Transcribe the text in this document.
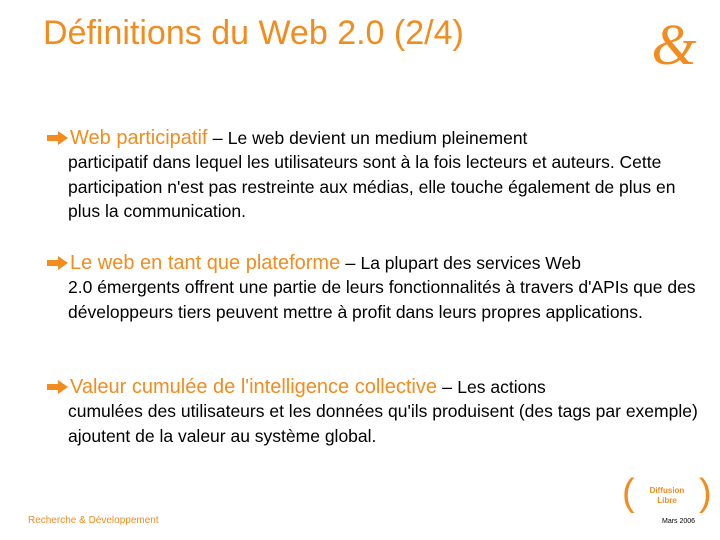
Définitions du Web 2.0 (2/4)	&
Web participatif – Le web devient un medium pleinement
participatif dans lequel les utilisateurs sont à la fois lecteurs et auteurs. Cette participation n'est pas restreinte aux médias, elle touche également de plus en plus la communication.
Le web en tant que plateforme – La plupart des services Web
2.0 émergents offrent une partie de leurs fonctionnalités à travers d'APIs que des développeurs tiers peuvent mettre à profit dans leurs propres applications.
Valeur cumulée de l'intelligence collective – Les actions
cumulées des utilisateurs et les données qu'ils produisent (des tags par exemple) ajoutent de la valeur au système global.
(	Diffusion
Libre )
Recherche & Développement	Mars 2006
